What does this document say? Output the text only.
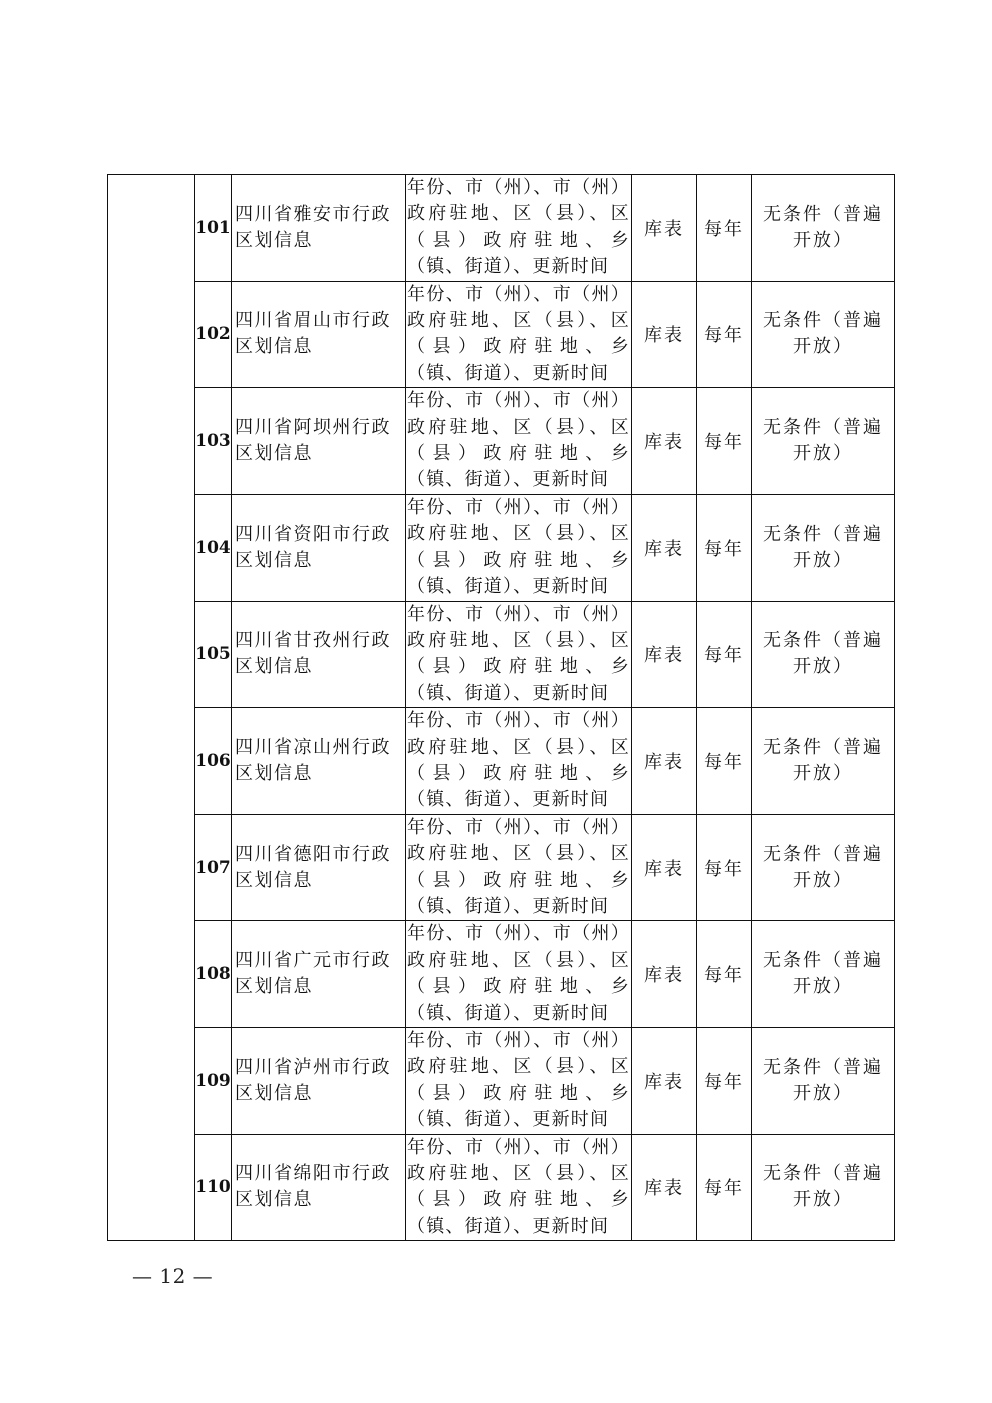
	101	四川省雅安市行政区划信息	年份、市（州）、市（州）政府驻地、区（县）、区（县）政府驻地、乡（镇、街道）、更新时间	库表	每年	无条件（普遍开放）
	102	四川省眉山市行政区划信息	年份、市（州）、市（州）政府驻地、区（县）、区（县）政府驻地、乡（镇、街道）、更新时间	库表	每年	无条件（普遍开放）
	103	四川省阿坝州行政区划信息	年份、市（州）、市（州）政府驻地、区（县）、区（县）政府驻地、乡（镇、街道）、更新时间	库表	每年	无条件（普遍开放）
	104	四川省资阳市行政区划信息	年份、市（州）、市（州）政府驻地、区（县）、区（县）政府驻地、乡（镇、街道）、更新时间	库表	每年	无条件（普遍开放）
	105	四川省甘孜州行政区划信息	年份、市（州）、市（州）政府驻地、区（县）、区（县）政府驻地、乡（镇、街道）、更新时间	库表	每年	无条件（普遍开放）
	106	四川省凉山州行政区划信息	年份、市（州）、市（州）政府驻地、区（县）、区（县）政府驻地、乡（镇、街道）、更新时间	库表	每年	无条件（普遍开放）
	107	四川省德阳市行政区划信息	年份、市（州）、市（州）政府驻地、区（县）、区（县）政府驻地、乡（镇、街道）、更新时间	库表	每年	无条件（普遍开放）
	108	四川省广元市行政区划信息	年份、市（州）、市（州）政府驻地、区（县）、区（县）政府驻地、乡（镇、街道）、更新时间	库表	每年	无条件（普遍开放）
	109	四川省泸州市行政区划信息	年份、市（州）、市（州）政府驻地、区（县）、区（县）政府驻地、乡（镇、街道）、更新时间	库表	每年	无条件（普遍开放）
	110	四川省绵阳市行政区划信息	年份、市（州）、市（州）政府驻地、区（县）、区（县）政府驻地、乡（镇、街道）、更新时间	库表	每年	无条件（普遍开放）
— 12 —
